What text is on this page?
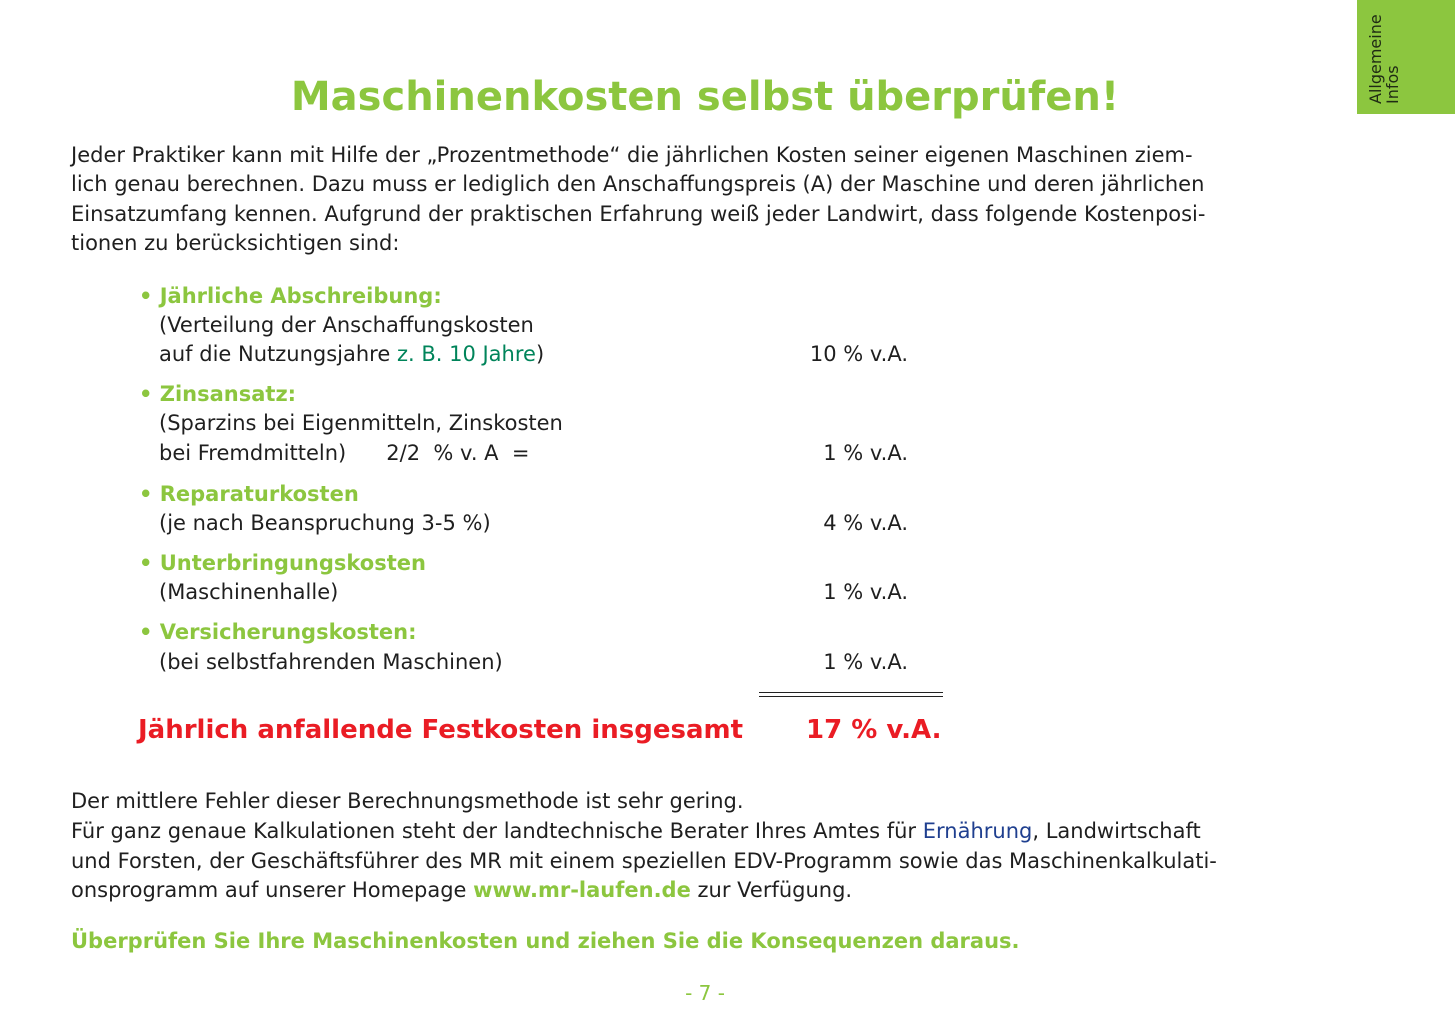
Allgemeine
Infos
Maschinenkosten selbst überprüfen!
Jeder Praktiker kann mit Hilfe der „Prozentmethode“ die jährlichen Kosten seiner eigenen Maschinen ziem-
lich genau berechnen. Dazu muss er lediglich den Anschaffungspreis (A) der Maschine und deren jährlichen
Einsatzumfang kennen. Aufgrund der praktischen Erfahrung weiß jeder Landwirt, dass folgende Kostenposi-
tionen zu berücksichtigen sind:
• Jährliche Abschreibung:
(Verteilung der Anschaffungskosten
auf die Nutzungsjahre z. B. 10 Jahre)	10 % v.A.
• Zinsansatz:
(Sparzins bei Eigenmitteln, Zinskosten
bei Fremdmitteln)      2/2  % v. A  =	1 % v.A.
• Reparaturkosten
(je nach Beanspruchung 3-5 %)	4 % v.A.
• Unterbringungskosten
(Maschinenhalle)	1 % v.A.
• Versicherungskosten:
(bei selbstfahrenden Maschinen)	1 % v.A.
Jährlich anfallende Festkosten insgesamt 17 % v.A.
Der mittlere Fehler dieser Berechnungsmethode ist sehr gering.
Für ganz genaue Kalkulationen steht der landtechnische Berater Ihres Amtes für Ernährung, Landwirtschaft
und Forsten, der Geschäftsführer des MR mit einem speziellen EDV-Programm sowie das Maschinenkalkulati-
onsprogramm auf unserer Homepage www.mr-laufen.de zur Verfügung.
Überprüfen Sie Ihre Maschinenkosten und ziehen Sie die Konsequenzen daraus.
- 7 -
